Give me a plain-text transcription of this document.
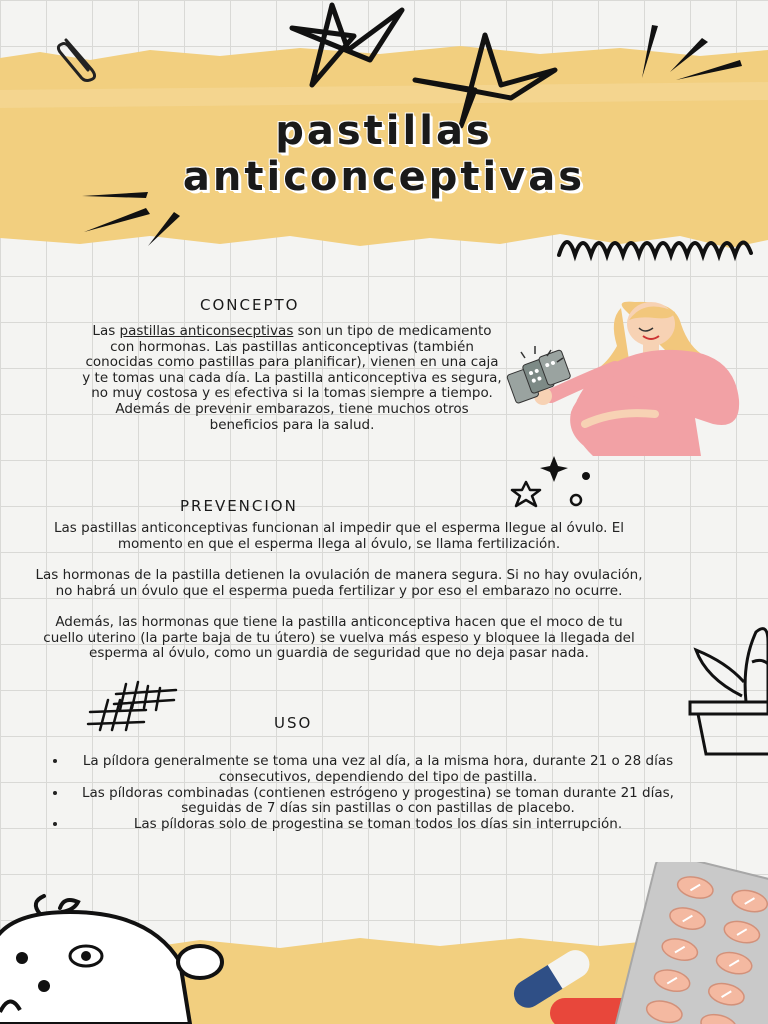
pastillas
anticonceptivas
CONCEPTO
Las pastillas anticonsecptivas son un tipo de medicamento con hormonas. Las pastillas anticonceptivas (también conocidas como pastillas para planificar), vienen en una caja y te tomas una cada día. La pastilla anticonceptiva es segura, no muy costosa y es efectiva si la tomas siempre a tiempo. Además de prevenir embarazos, tiene muchos otros beneficios para la salud.
PREVENCION
Las pastillas anticonceptivas funcionan al impedir que el esperma llegue al óvulo. El momento en que el esperma llega al óvulo, se llama fertilización.
Las hormonas de la pastilla detienen la ovulación de manera segura. Si no hay ovulación, no habrá un óvulo que el esperma pueda fertilizar y por eso el embarazo no ocurre.
Además, las hormonas que tiene la pastilla anticonceptiva hacen que el moco de tu cuello uterino (la parte baja de tu útero) se vuelva más espeso y bloquee la llegada del esperma al óvulo, como un guardia de seguridad que no deja pasar nada.
USO
• La píldora generalmente se toma una vez al día, a la misma hora, durante 21 o 28 días consecutivos, dependiendo del tipo de pastilla.
• Las píldoras combinadas (contienen estrógeno y progestina) se toman durante 21 días, seguidas de 7 días sin pastillas o con pastillas de placebo.
• Las píldoras solo de progestina se toman todos los días sin interrupción.
